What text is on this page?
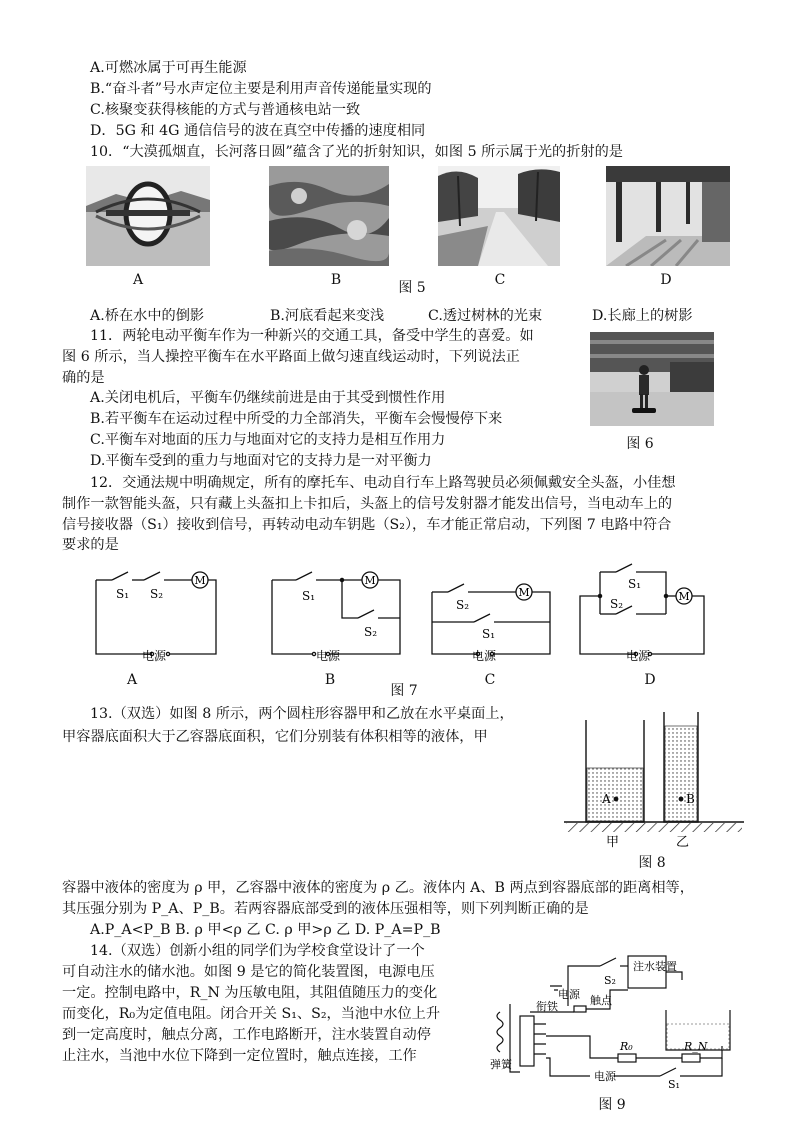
A.可燃冰属于可再生能源
B.“奋斗者”号水声定位主要是利用声音传递能量实现的
C.核聚变获得核能的方式与普通核电站一致
D．5G 和 4G 通信信号的波在真空中传播的速度相同
10．“大漠孤烟直，长河落日圆”蕴含了光的折射知识，如图 5 所示属于光的折射的是
A	B	C	D
图 5
A.桥在水中的倒影	B.河底看起来变浅	C.透过树林的光束	D.长廊上的树影
11．两轮电动平衡车作为一种新兴的交通工具，备受中学生的喜爱。如
图 6 所示，当人操控平衡车在水平路面上做匀速直线运动时，下列说法正
确的是
A.关闭电机后，平衡车仍继续前进是由于其受到惯性作用
B.若平衡车在运动过程中所受的力全部消失，平衡车会慢慢停下来
C.平衡车对地面的压力与地面对它的支持力是相互作用力
D.平衡车受到的重力与地面对它的支持力是一对平衡力
图 6
12．交通法规中明确规定，所有的摩托车、电动自行车上路驾驶员必须佩戴安全头盔，小佳想
制作一款智能头盔，只有藏上头盔扣上卡扣后，头盔上的信号发射器才能发出信号，当电动车上的
信号接收器（S₁）接收到信号，再转动电动车钥匙（S₂），车才能正常启动，下列图 7 电路中符合
要求的是
M
S₁ S₂
电源
M
S₁
S₂
电源
M
S₂
S₁
电源
M
S₁
S₂
电源
A	B	C	D
图 7
13.（双选）如图 8 所示，两个圆柱形容器甲和乙放在水平桌面上，
甲容器底面积大于乙容器底面积，它们分别装有体积相等的液体，甲
A	B
甲	乙
图 8
容器中液体的密度为 ρ 甲，乙容器中液体的密度为 ρ 乙。液体内 A、B 两点到容器底部的距离相等，
其压强分别为 P_A、P_B。若两容器底部受到的液体压强相等，则下列判断正确的是
A.P_A<P_B B. ρ 甲<ρ 乙 C. ρ 甲>ρ 乙 D. P_A=P_B
14.（双选）创新小组的同学们为学校食堂设计了一个
可自动注水的储水池。如图 9 是它的简化装置图，电源电压
一定。控制电路中，R_N 为压敏电阻，其阻值随压力的变化
而变化，R₀为定值电阻。闭合开关 S₁、S₂，当池中水位上升
到一定高度时，触点分离，工作电路断开，注水装置自动停
止注水，当池中水位下降到一定位置时，触点连接，工作
S₂
注水装置
电源 触点
衔铁
弹簧
R₀	R_N
电源
S₁
图 9
